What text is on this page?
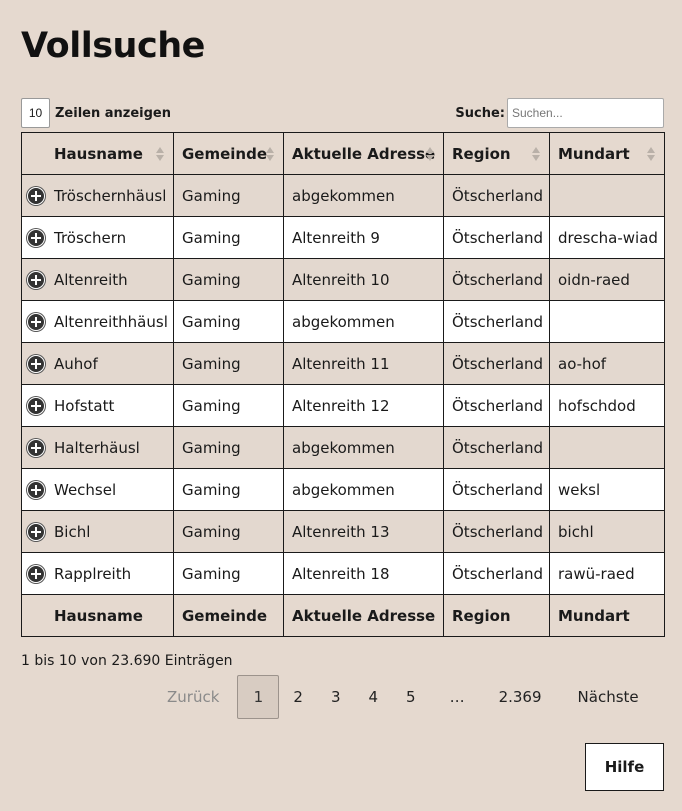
Vollsuche
10 Zeilen anzeigen	Suche:
Suchen...
Hausname	Gemeinde	Aktuelle Adresse	Region	Mundart

Tröschernhäusl	Gaming	abgekommen	Ötscherland	

Tröschern	Gaming	Altenreith 9	Ötscherland	drescha-wiad

Altenreith	Gaming	Altenreith 10	Ötscherland	oidn-raed

Altenreithhäusl	Gaming	abgekommen	Ötscherland	

Auhof	Gaming	Altenreith 11	Ötscherland	ao-hof

Hofstatt	Gaming	Altenreith 12	Ötscherland	hofschdod

Halterhäusl	Gaming	abgekommen	Ötscherland	

Wechsel	Gaming	abgekommen	Ötscherland	weksl

Bichl	Gaming	Altenreith 13	Ötscherland	bichl

Rapplreith	Gaming	Altenreith 18	Ötscherland	rawü-raed
Hausname	Gemeinde	Aktuelle Adresse	Region	Mundart
1 bis 10 von 23.690 Einträgen
Zurück	1	2	3	4	5	…	2.369	Nächste
Hilfe
